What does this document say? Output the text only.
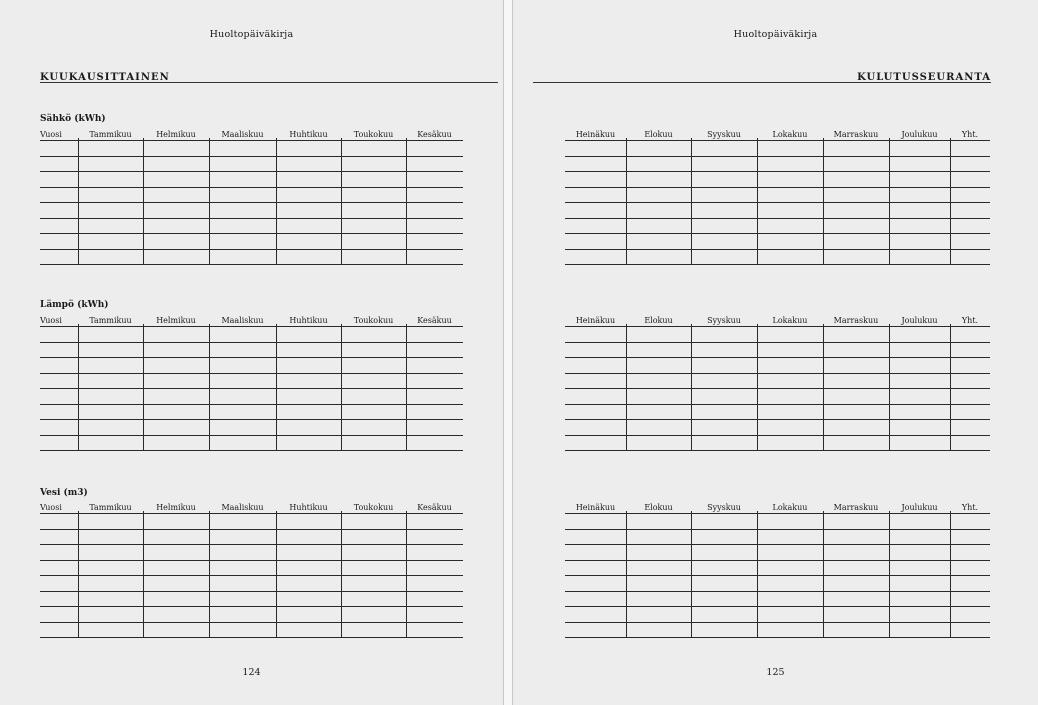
Huoltopäiväkirja
KUUKAUSITTAINEN
Sähkö (kWh)
Vuosi	Tammikuu	Helmikuu	Maaliskuu	Huhtikuu	Toukokuu	Kesäkuu
Lämpö (kWh)
Vuosi	Tammikuu	Helmikuu	Maaliskuu	Huhtikuu	Toukokuu	Kesäkuu
Vesi (m3)
Vuosi	Tammikuu	Helmikuu	Maaliskuu	Huhtikuu	Toukokuu	Kesäkuu
124
Huoltopäiväkirja
KULUTUSSEURANTA
Heinäkuu	Elokuu	Syyskuu	Lokakuu	Marraskuu	Joulukuu	Yht.
Heinäkuu	Elokuu	Syyskuu	Lokakuu	Marraskuu	Joulukuu	Yht.
Heinäkuu	Elokuu	Syyskuu	Lokakuu	Marraskuu	Joulukuu	Yht.
125
